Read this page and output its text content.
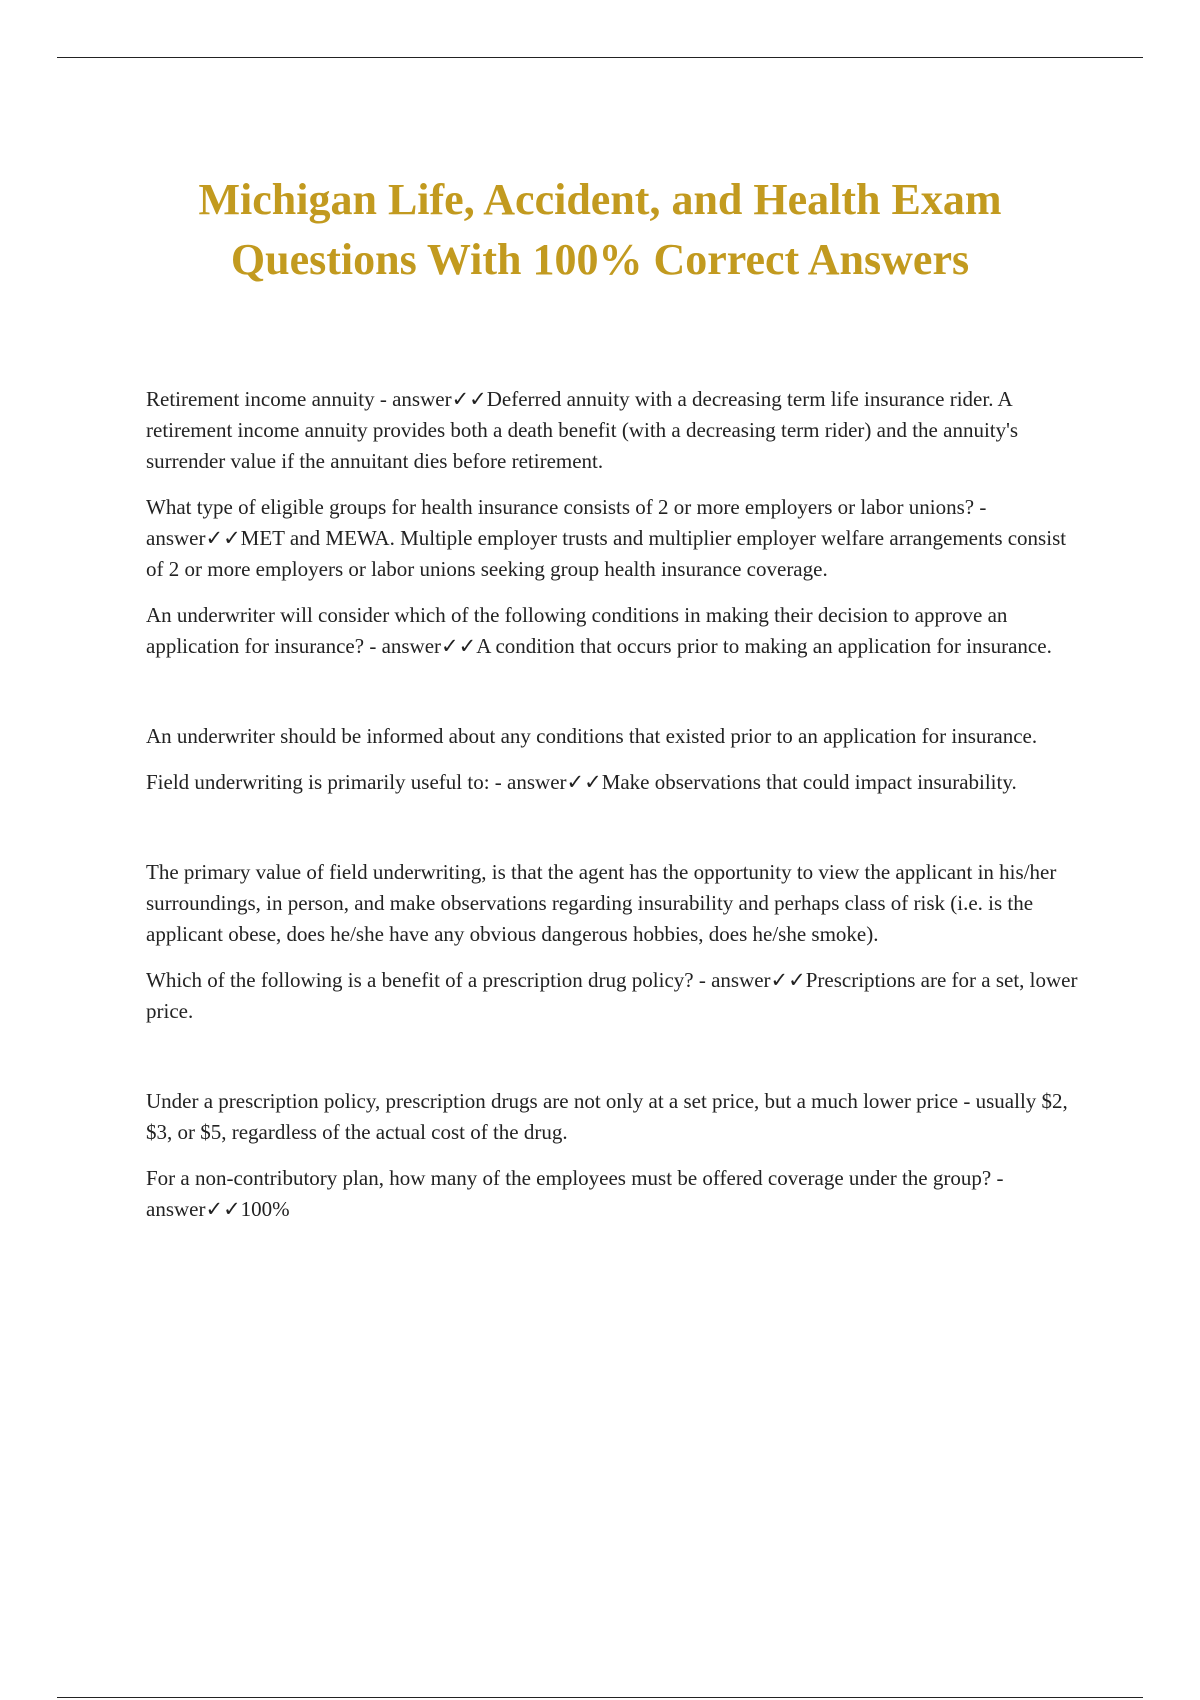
Michigan Life, Accident, and Health Exam
Questions With 100% Correct Answers

Retirement income annuity - answer✓✓Deferred annuity with a decreasing term life insurance rider. A retirement income annuity provides both a death benefit (with a decreasing term rider) and the annuity's surrender value if the annuitant dies before retirement.

What type of eligible groups for health insurance consists of 2 or more employers or labor unions? - answer✓✓MET and MEWA. Multiple employer trusts and multiplier employer welfare arrangements consist of 2 or more employers or labor unions seeking group health insurance coverage.

An underwriter will consider which of the following conditions in making their decision to approve an application for insurance? - answer✓✓A condition that occurs prior to making an application for insurance.

An underwriter should be informed about any conditions that existed prior to an application for insurance.

Field underwriting is primarily useful to: - answer✓✓Make observations that could impact insurability.

The primary value of field underwriting, is that the agent has the opportunity to view the applicant in his/her surroundings, in person, and make observations regarding insurability and perhaps class of risk (i.e. is the applicant obese, does he/she have any obvious dangerous hobbies, does he/she smoke).

Which of the following is a benefit of a prescription drug policy? - answer✓✓Prescriptions are for a set, lower price.

Under a prescription policy, prescription drugs are not only at a set price, but a much lower price - usually $2, $3, or $5, regardless of the actual cost of the drug.

For a non-contributory plan, how many of the employees must be offered coverage under the group? - answer✓✓100%
